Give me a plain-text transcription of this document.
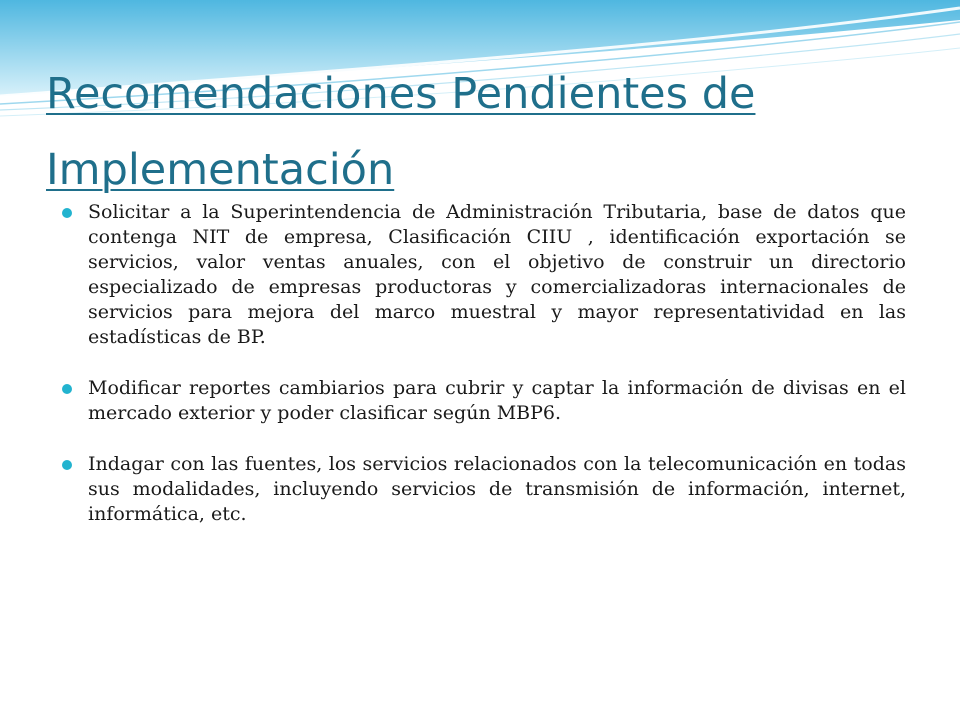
Recomendaciones Pendientes de Implementación
Solicitar a la Superintendencia de Administración Tributaria, base de datos que contenga NIT de empresa, Clasificación CIIU , identificación exportación se servicios, valor ventas anuales, con el objetivo de construir un directorio especializado de empresas productoras y comercializadoras internacionales de servicios para mejora del marco muestral y mayor representatividad en las estadísticas de BP.
Modificar reportes cambiarios para cubrir y captar la información de divisas en el mercado exterior y poder clasificar según MBP6.
Indagar con las fuentes, los servicios relacionados con la telecomunicación en todas sus modalidades, incluyendo servicios de transmisión de información, internet, informática, etc.
